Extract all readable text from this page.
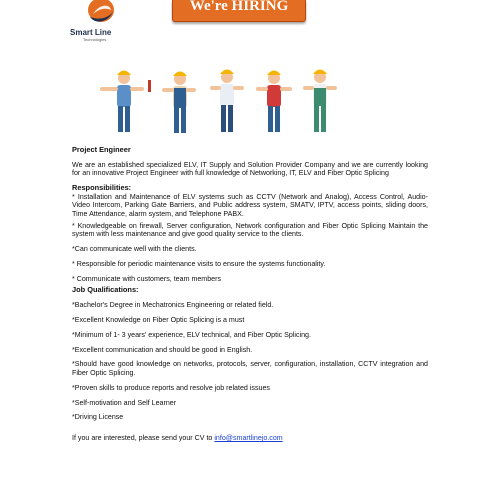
Smart Line
Technologies
We're HIRING

Project Engineer

We are an established specialized ELV, IT Supply and Solution Provider Company and we are currently looking for an innovative Project Engineer with full knowledge of Networking, IT, ELV and Fiber Optic Splicing

Responsibilities:

* Installation and Maintenance of ELV systems such as CCTV (Network and Analog), Access Control, Audio-Video Intercom, Parking Gate Barriers, and Public address system, SMATV, IPTV, access points, sliding doors, Time Attendance, alarm system, and Telephone PABX.

* Knowledgeable on firewall, Server configuration, Network configuration and Fiber Optic Splicing Maintain the system with less maintenance and give good quality service to the clients.

*Can communicate well with the clients.

* Responsible for periodic maintenance visits to ensure the systems functionality.

* Communicate with customers, team members

Job Qualifications:

*Bachelor's Degree in Mechatronics Engineering or related field.

*Excellent Knowledge on Fiber Optic Splicing is a must

*Minimum of 1- 3 years' experience, ELV technical, and Fiber Optic Splicing.

*Excellent communication and should be good in English.

*Should have good knowledge on networks, protocols, server, configuration, installation, CCTV integration and Fiber Optic Splicing.

*Proven skills to produce reports and resolve job related issues

*Self-motivation and Self Learner

*Driving License

If you are interested, please send your CV to info@smartlinejo.com
